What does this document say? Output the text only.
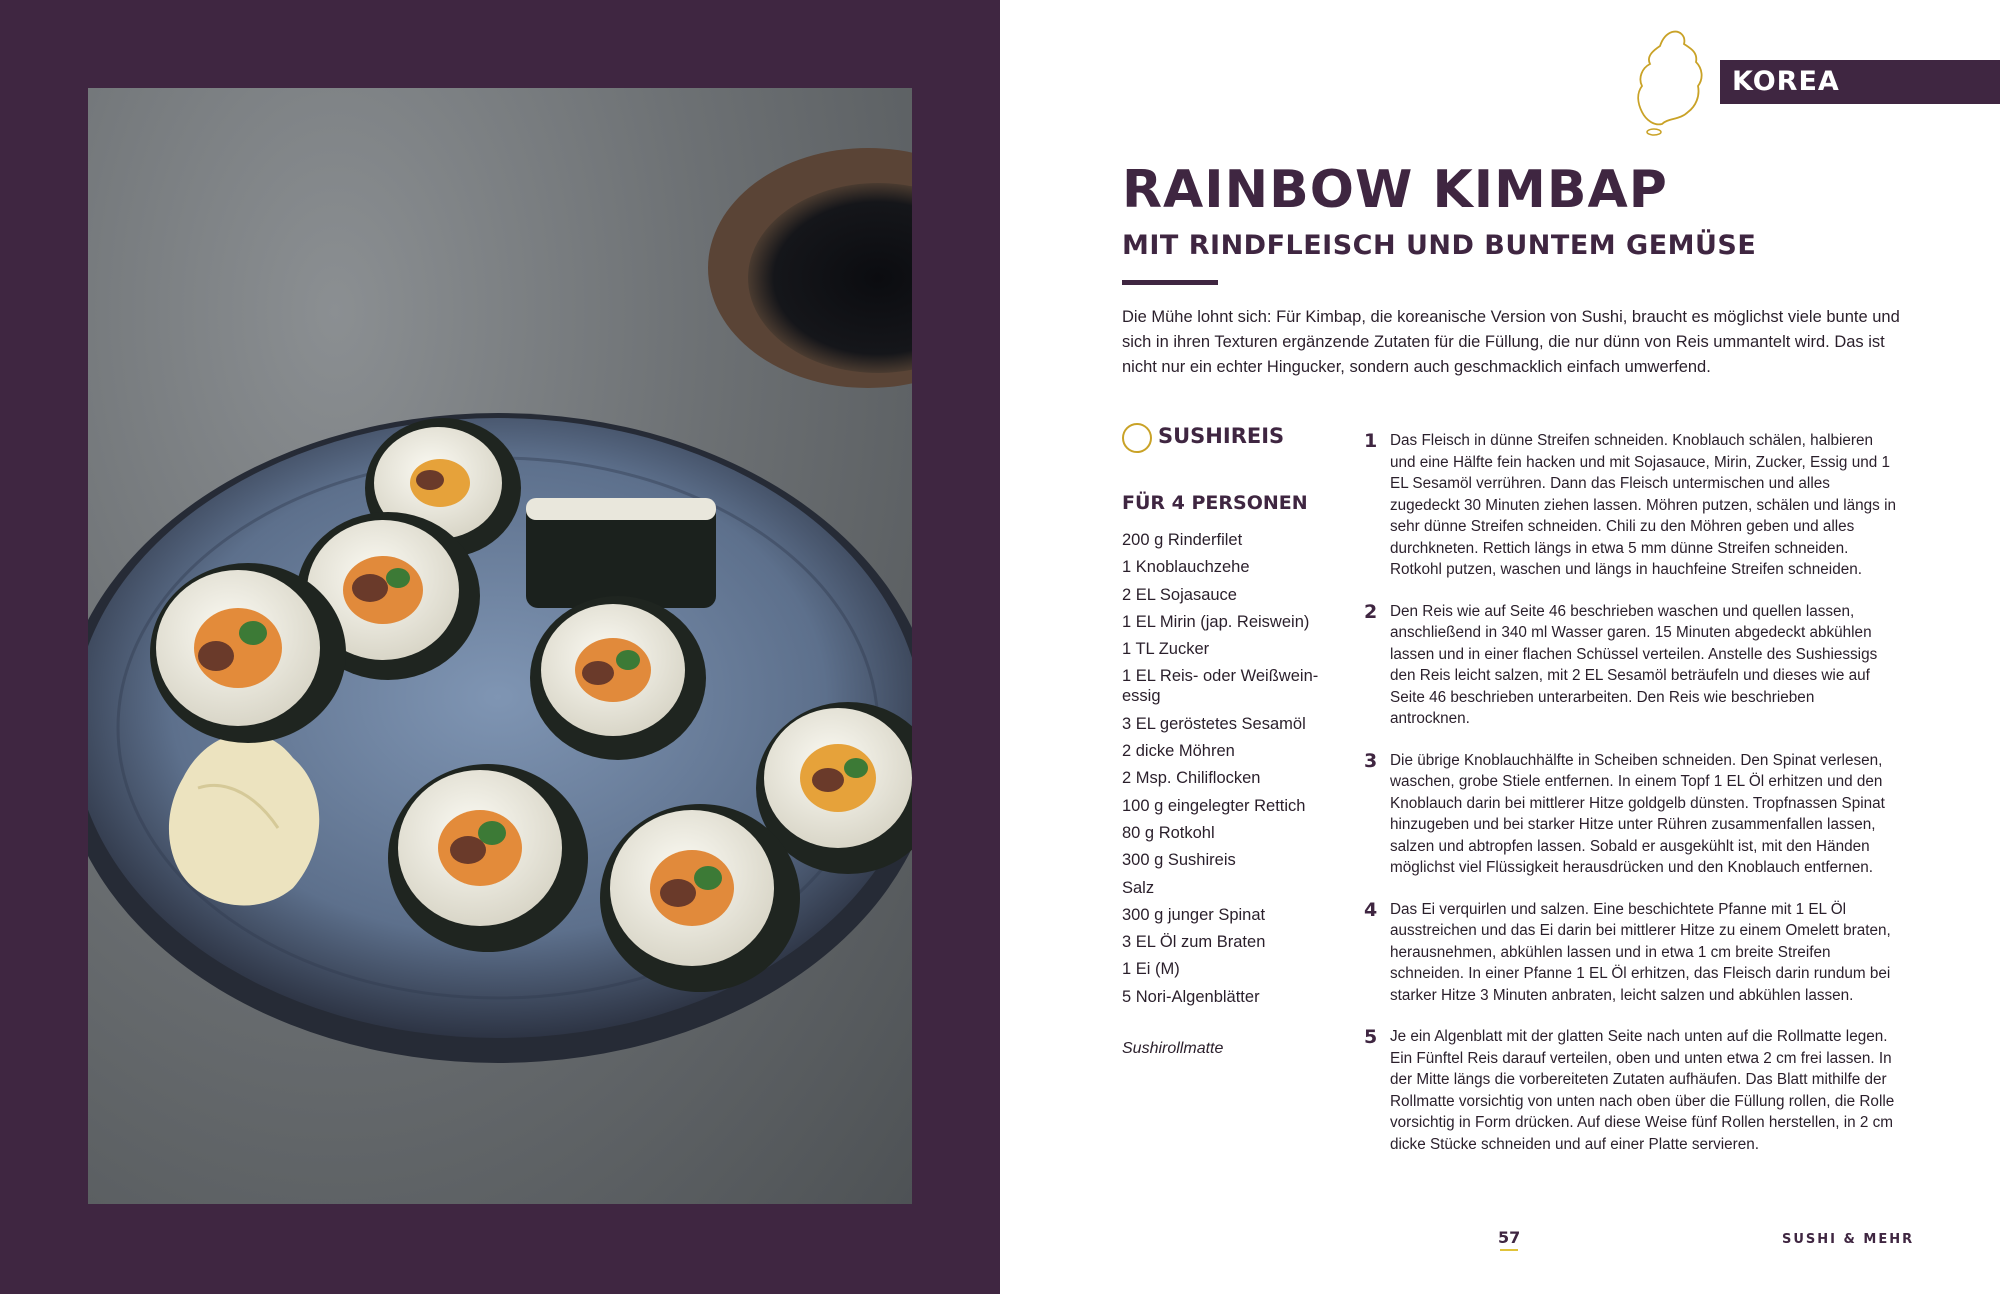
KOREA
RAINBOW KIMBAP
MIT RINDFLEISCH UND BUNTEM GEMÜSE

Die Mühe lohnt sich: Für Kimbap, die koreanische Version von Sushi, braucht es möglichst viele bunte und sich in ihren Texturen ergänzende Zutaten für die Füllung, die nur dünn von Reis ummantelt wird. Das ist nicht nur ein echter Hingucker, sondern auch geschmacklich einfach umwerfend.

SUSHIREIS

FÜR 4 PERSONEN

200 g Rinderfilet
1 Knoblauchzehe
2 EL Sojasauce
1 EL Mirin (jap. Reiswein)
1 TL Zucker
1 EL Reis- oder Weißwein-essig
3 EL geröstetes Sesamöl
2 dicke Möhren
2 Msp. Chiliflocken
100 g eingelegter Rettich
80 g Rotkohl
300 g Sushireis
Salz
300 g junger Spinat
3 EL Öl zum Braten
1 Ei (M)
5 Nori-Algenblätter

Sushirollmatte

1 Das Fleisch in dünne Streifen schneiden. Knoblauch schälen, halbieren und eine Hälfte fein hacken und mit Sojasauce, Mirin, Zucker, Essig und 1 EL Sesamöl verrühren. Dann das Fleisch untermischen und alles zugedeckt 30 Minuten ziehen lassen. Möhren putzen, schälen und längs in sehr dünne Streifen schneiden. Chili zu den Möhren geben und alles durchkneten. Rettich längs in etwa 5 mm dünne Streifen schneiden. Rotkohl putzen, waschen und längs in hauchfeine Streifen schneiden.

2 Den Reis wie auf Seite 46 beschrieben waschen und quellen lassen, anschließend in 340 ml Wasser garen. 15 Minuten abgedeckt abkühlen lassen und in einer flachen Schüssel verteilen. Anstelle des Sushiessigs den Reis leicht salzen, mit 2 EL Sesamöl beträufeln und dieses wie auf Seite 46 beschrieben unterarbeiten. Den Reis wie beschrieben antrocknen.

3 Die übrige Knoblauchhälfte in Scheiben schneiden. Den Spinat verlesen, waschen, grobe Stiele entfernen. In einem Topf 1 EL Öl erhitzen und den Knoblauch darin bei mittlerer Hitze goldgelb dünsten. Tropfnassen Spinat hinzugeben und bei starker Hitze unter Rühren zusammenfallen lassen, salzen und abtropfen lassen. Sobald er ausgekühlt ist, mit den Händen möglichst viel Flüssigkeit herausdrücken und den Knoblauch entfernen.

4 Das Ei verquirlen und salzen. Eine beschichtete Pfanne mit 1 EL Öl ausstreichen und das Ei darin bei mittlerer Hitze zu einem Omelett braten, herausnehmen, abkühlen lassen und in etwa 1 cm breite Streifen schneiden. In einer Pfanne 1 EL Öl erhitzen, das Fleisch darin rundum bei starker Hitze 3 Minuten anbraten, leicht salzen und abkühlen lassen.

5 Je ein Algenblatt mit der glatten Seite nach unten auf die Rollmatte legen. Ein Fünftel Reis darauf verteilen, oben und unten etwa 2 cm frei lassen. In der Mitte längs die vorbereiteten Zutaten aufhäufen. Das Blatt mithilfe der Rollmatte vorsichtig von unten nach oben über die Füllung rollen, die Rolle vorsichtig in Form drücken. Auf diese Weise fünf Rollen herstellen, in 2 cm dicke Stücke schneiden und auf einer Platte servieren.

57	SUSHI & MEHR
